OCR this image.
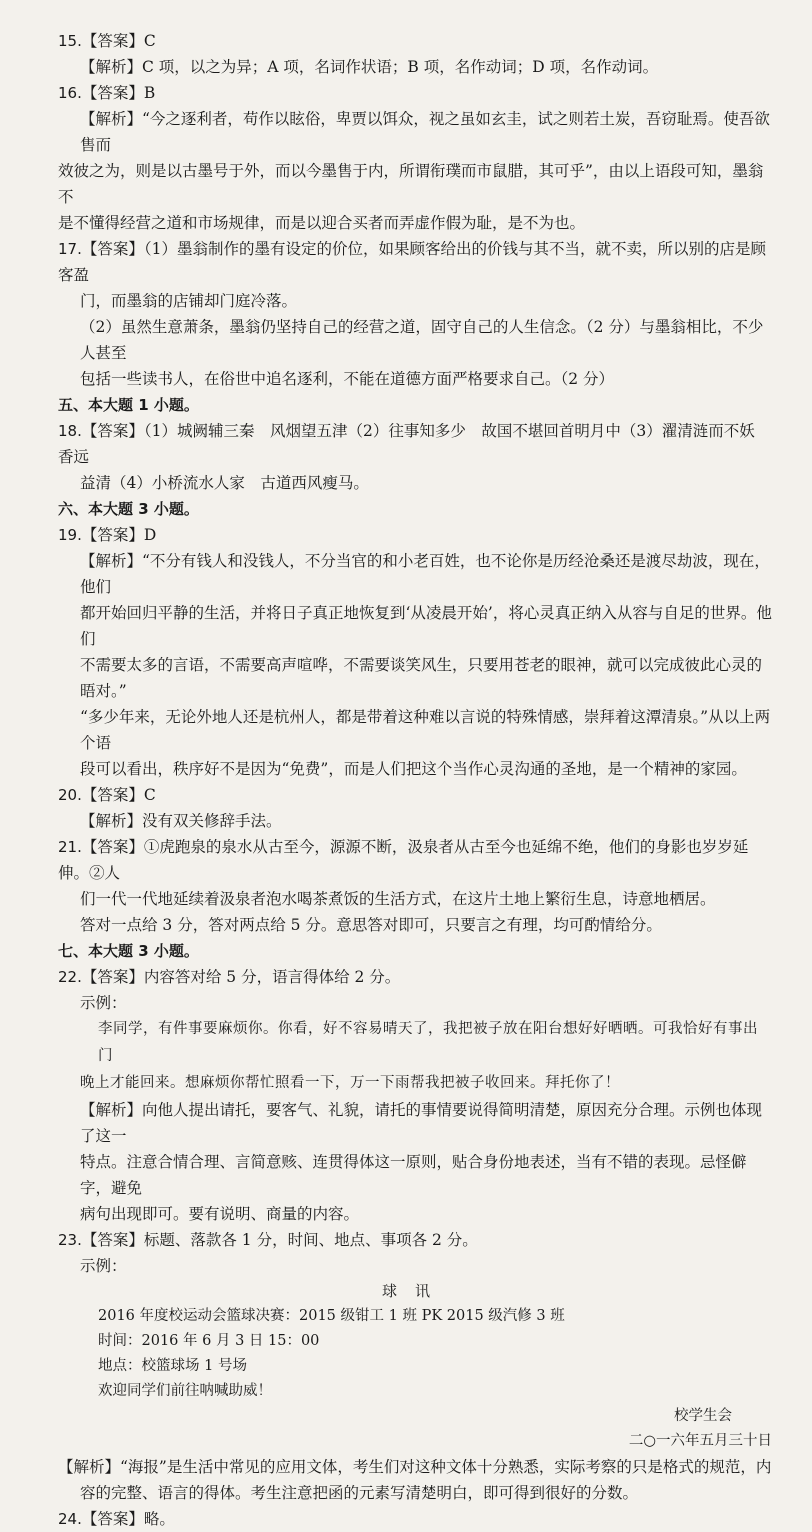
15.【答案】C

【解析】C 项，以之为异；A 项，名词作状语；B 项，名作动词；D 项，名作动词。

16.【答案】B

【解析】“今之逐利者，苟作以眩俗，卑贾以饵众，视之虽如玄圭，试之则若土炭，吾窃耻焉。使吾欲售而

效彼之为，则是以古墨号于外，而以今墨售于内，所谓衔璞而市鼠腊，其可乎”，由以上语段可知，墨翁不

是不懂得经营之道和市场规律，而是以迎合买者而弄虚作假为耻，是不为也。

17.【答案】（1）墨翁制作的墨有设定的价位，如果顾客给出的价钱与其不当，就不卖，所以别的店是顾客盈

门，而墨翁的店铺却门庭冷落。

（2）虽然生意萧条，墨翁仍坚持自己的经营之道，固守自己的人生信念。（2 分）与墨翁相比，不少人甚至

包括一些读书人，在俗世中追名逐利，不能在道德方面严格要求自己。（2 分）

五、本大题 1 小题。

18.【答案】（1）城阙辅三秦　风烟望五津（2）往事知多少　故国不堪回首明月中（3）濯清涟而不妖　香远

益清（4）小桥流水人家　古道西风瘦马。

六、本大题 3 小题。

19.【答案】D

【解析】“不分有钱人和没钱人，不分当官的和小老百姓，也不论你是历经沧桑还是渡尽劫波，现在，他们

都开始回归平静的生活，并将日子真正地恢复到‘从凌晨开始’，将心灵真正纳入从容与自足的世界。他们

不需要太多的言语，不需要高声喧哗，不需要谈笑风生，只要用苍老的眼神，就可以完成彼此心灵的晤对。”

“多少年来，无论外地人还是杭州人，都是带着这种难以言说的特殊情感，崇拜着这潭清泉。”从以上两个语

段可以看出，秩序好不是因为“免费”，而是人们把这个当作心灵沟通的圣地，是一个精神的家园。

20.【答案】C

【解析】没有双关修辞手法。

21.【答案】①虎跑泉的泉水从古至今，源源不断，汲泉者从古至今也延绵不绝，他们的身影也岁岁延伸。②人

们一代一代地延续着汲泉者泡水喝茶煮饭的生活方式，在这片土地上繁衍生息，诗意地栖居。

答对一点给 3 分，答对两点给 5 分。意思答对即可，只要言之有理，均可酌情给分。

七、本大题 3 小题。

22.【答案】内容答对给 5 分，语言得体给 2 分。

示例：

李同学，有件事要麻烦你。你看，好不容易晴天了，我把被子放在阳台想好好晒晒。可我恰好有事出门

晚上才能回来。想麻烦你帮忙照看一下，万一下雨帮我把被子收回来。拜托你了！

【解析】向他人提出请托，要客气、礼貌，请托的事情要说得简明清楚，原因充分合理。示例也体现了这一

特点。注意合情合理、言简意赅、连贯得体这一原则，贴合身份地表述，当有不错的表现。忌怪僻字，避免

病句出现即可。要有说明、商量的内容。

23.【答案】标题、落款各 1 分，时间、地点、事项各 2 分。

示例：

球讯

2016 年度校运动会篮球决赛：2015 级钳工 1 班 PK 2015 级汽修 3 班

时间：2016 年 6 月 3 日 15：00

地点：校篮球场 1 号场

欢迎同学们前往呐喊助威！

校学生会

二○一六年五月三十日

【解析】“海报”是生活中常见的应用文体，考生们对这种文体十分熟悉，实际考察的只是格式的规范，内

容的完整、语言的得体。考生注意把函的元素写清楚明白，即可得到很好的分数。

24.【答案】略。
